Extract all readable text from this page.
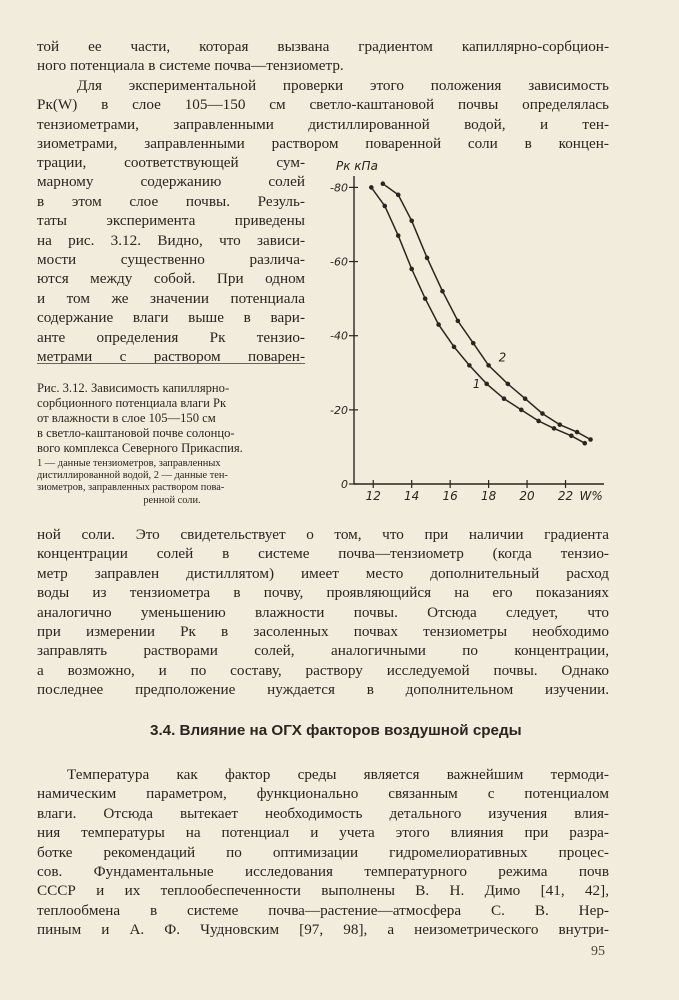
той ее части, которая вызвана градиентом капиллярно-сорбцион-
ного потенциала в системе почва—тензиометр.
Для экспериментальной проверки этого положения зависимость
Pк(W) в слое 105—150 см светло-каштановой почвы определялась
тензиометрами, заправленными дистиллированной водой, и тен-
зиометрами, заправленными раствором поваренной соли в концен-
трации, соответствующей сум-
марному содержанию солей
в этом слое почвы. Резуль-
таты эксперимента приведены
на рис. 3.12. Видно, что зависи-
мости существенно различа-
ются между собой. При одном
и том же значении потенциала
содержание влаги выше в вари-
анте определения Pк тензио-
метрами с раствором поварен-
Рис. 3.12. Зависимость капиллярно-
сорбционного потенциала влаги Pк
от влажности в слое 105—150 см
в светло-каштановой почве солонцо-
вого комплекса Северного Прикаспия.
1 — данные тензиометров, заправленных
дистиллированной водой, 2 — данные тен-
зиометров, заправленных раствором пова-
ренной соли.
-80
-60
-40
-20
0
12 14 16 18 20 22 W%
1
2
Pк кПа
ной соли. Это свидетельствует о том, что при наличии градиента
концентрации солей в системе почва—тензиометр (когда тензио-
метр заправлен дистиллятом) имеет место дополнительный расход
воды из тензиометра в почву, проявляющийся на его показаниях
аналогично уменьшению влажности почвы. Отсюда следует, что
при измерении Pк в засоленных почвах тензиометры необходимо
заправлять растворами солей, аналогичными по концентрации,
а возможно, и по составу, раствору исследуемой почвы. Однако
последнее предположение нуждается в дополнительном изучении.
3.4. Влияние на ОГХ факторов воздушной среды
Температура как фактор среды является важнейшим термоди-
намическим параметром, функционально связанным с потенциалом
влаги. Отсюда вытекает необходимость детального изучения влия-
ния температуры на потенциал и учета этого влияния при разра-
ботке рекомендаций по оптимизации гидромелиоративных процес-
сов. Фундаментальные исследования температурного режима почв
СССР и их теплообеспеченности выполнены В. Н. Димо [41, 42],
теплообмена в системе почва—растение—атмосфера С. В. Нер-
пиным и А. Ф. Чудновским [97, 98], а неизометрического внутри-
95
